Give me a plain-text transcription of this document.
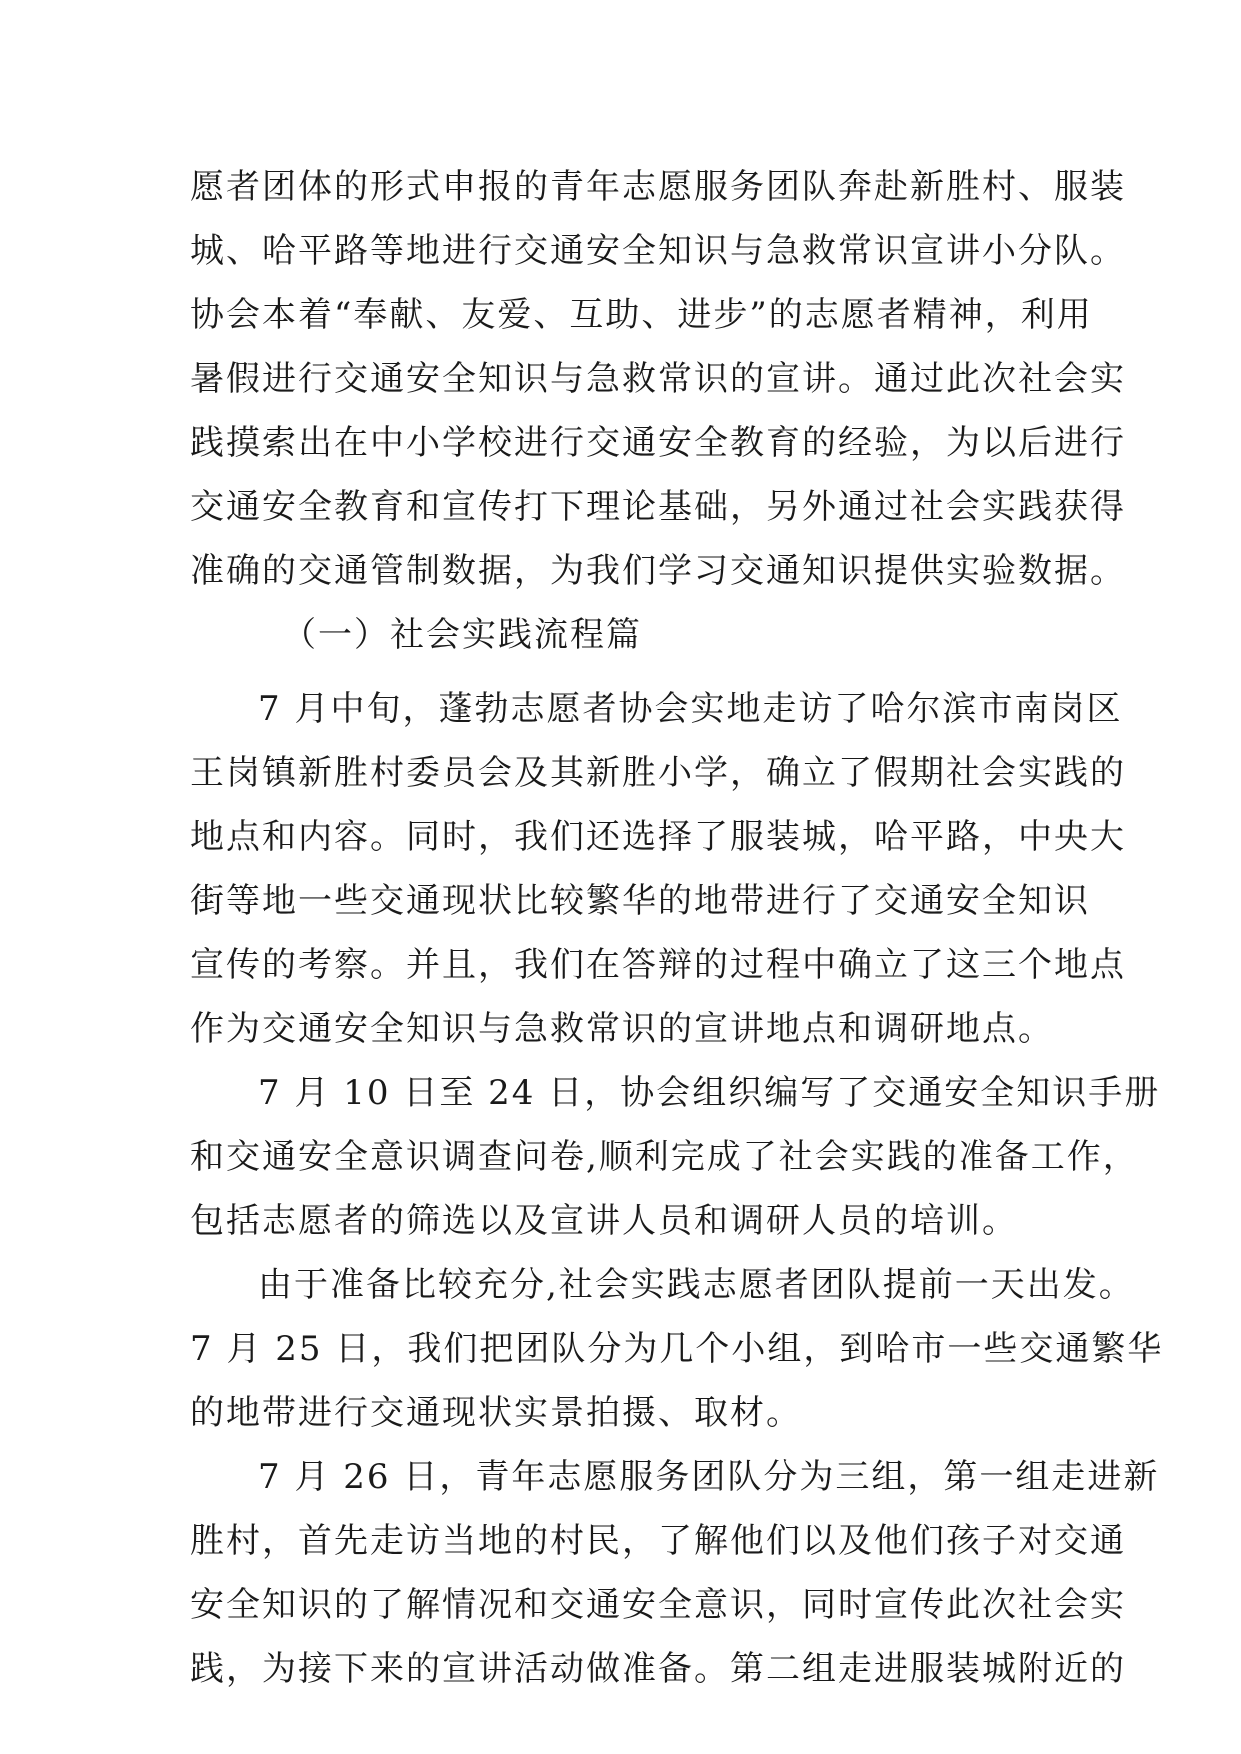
愿者团体的形式申报的青年志愿服务团队奔赴新胜村、服装
城、哈平路等地进行交通安全知识与急救常识宣讲小分队。
协会本着“奉献、友爱、互助、进步”的志愿者精神，利用
暑假进行交通安全知识与急救常识的宣讲。通过此次社会实
践摸索出在中小学校进行交通安全教育的经验，为以后进行
交通安全教育和宣传打下理论基础，另外通过社会实践获得
准确的交通管制数据，为我们学习交通知识提供实验数据。
（一）社会实践流程篇
7 月中旬，蓬勃志愿者协会实地走访了哈尔滨市南岗区
王岗镇新胜村委员会及其新胜小学，确立了假期社会实践的
地点和内容。同时，我们还选择了服装城，哈平路，中央大
街等地一些交通现状比较繁华的地带进行了交通安全知识
宣传的考察。并且，我们在答辩的过程中确立了这三个地点
作为交通安全知识与急救常识的宣讲地点和调研地点。
7 月 10 日至 24 日，协会组织编写了交通安全知识手册
和交通安全意识调查问卷,顺利完成了社会实践的准备工作，
包括志愿者的筛选以及宣讲人员和调研人员的培训。
由于准备比较充分,社会实践志愿者团队提前一天出发。
7 月 25 日，我们把团队分为几个小组，到哈市一些交通繁华
的地带进行交通现状实景拍摄、取材。
7 月 26 日，青年志愿服务团队分为三组，第一组走进新
胜村，首先走访当地的村民，了解他们以及他们孩子对交通
安全知识的了解情况和交通安全意识，同时宣传此次社会实
践，为接下来的宣讲活动做准备。第二组走进服装城附近的
